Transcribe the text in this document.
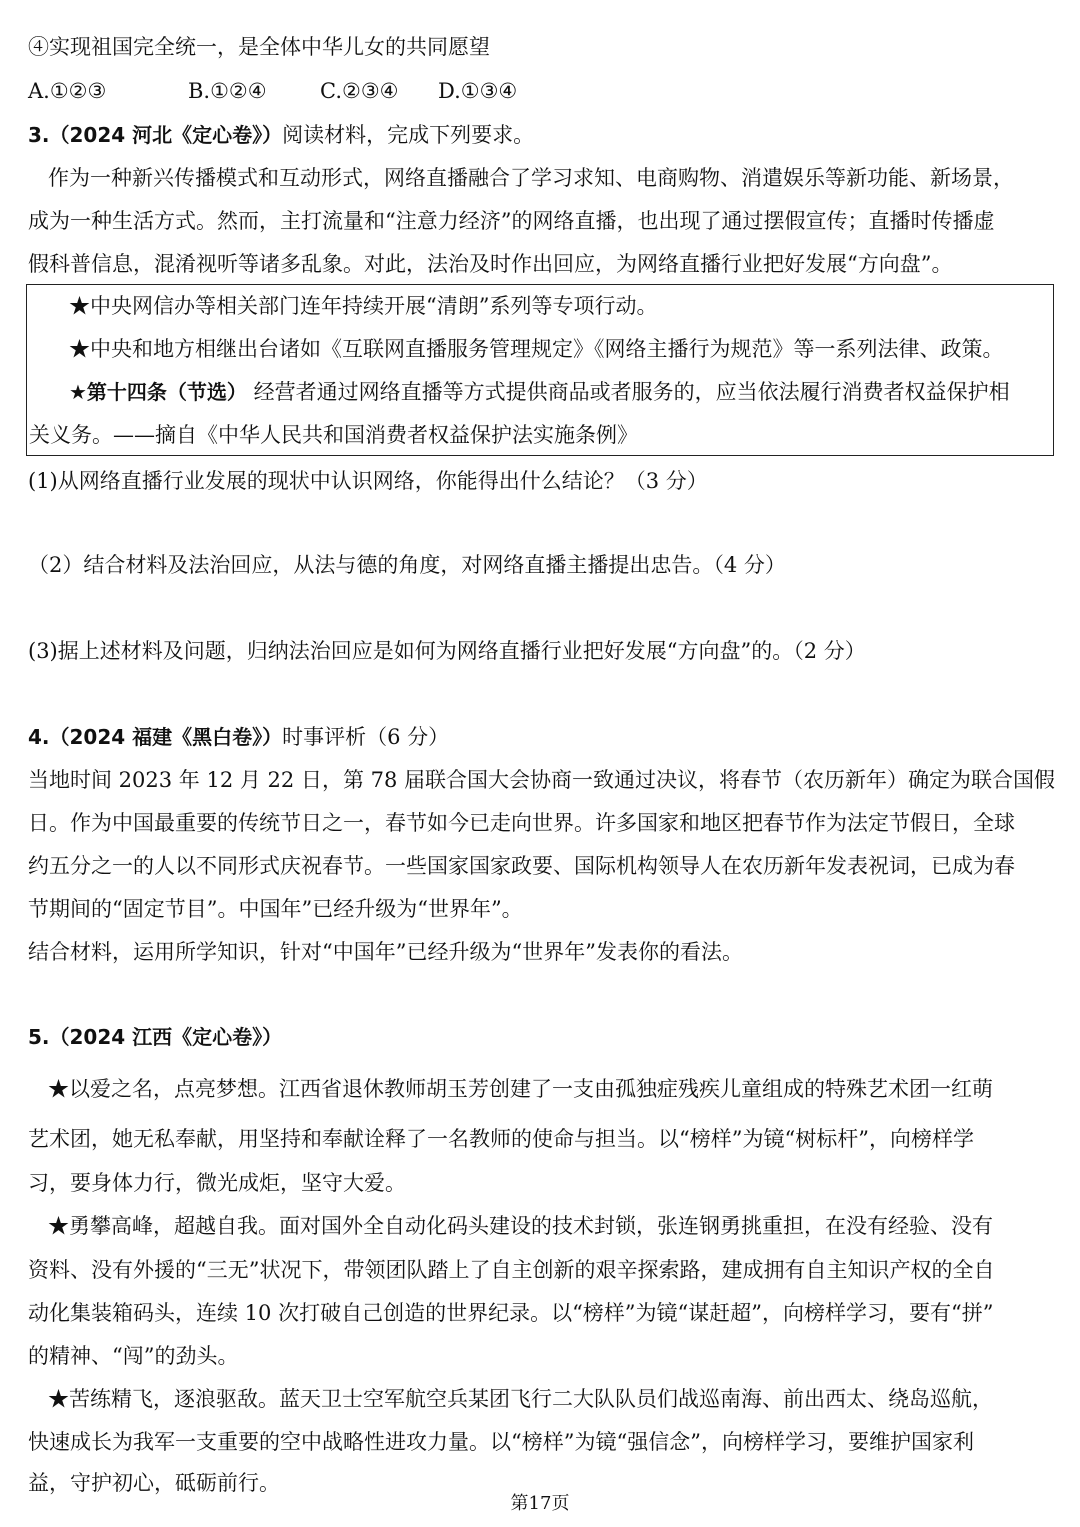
④实现祖国完全统一，是全体中华儿女的共同愿望
A.①②③	B.①②④	C.②③④ D.①③④
3.（2024 河北《定心卷》）阅读材料，完成下列要求。
作为一种新兴传播模式和互动形式，网络直播融合了学习求知、电商购物、消遣娱乐等新功能、新场景，
成为一种生活方式。然而，主打流量和“注意力经济”的网络直播，也出现了通过摆假宣传；直播时传播虚
假科普信息，混淆视听等诸多乱象。对此，法治及时作出回应，为网络直播行业把好发展“方向盘”。
★中央网信办等相关部门连年持续开展“清朗”系列等专项行动。
★中央和地方相继出台诸如《互联网直播服务管理规定》《网络主播行为规范》等一系列法律、政策。
★第十四条（节选） 经营者通过网络直播等方式提供商品或者服务的，应当依法履行消费者权益保护相
关义务。——摘自《中华人民共和国消费者权益保护法实施条例》
(1)从网络直播行业发展的现状中认识网络，你能得出什么结论？（3 分）
（2）结合材料及法治回应，从法与德的角度，对网络直播主播提出忠告。（4 分）
(3)据上述材料及问题，归纳法治回应是如何为网络直播行业把好发展“方向盘”的。（2 分）
4.（2024 福建《黑白卷》）时事评析（6 分）
当地时间 2023 年 12 月 22 日，第 78 届联合国大会协商一致通过决议，将春节（农历新年）确定为联合国假
日。作为中国最重要的传统节日之一，春节如今已走向世界。许多国家和地区把春节作为法定节假日，全球
约五分之一的人以不同形式庆祝春节。一些国家国家政要、国际机构领导人在农历新年发表祝词，已成为春
节期间的“固定节目”。中国年”已经升级为“世界年”。
结合材料，运用所学知识，针对“中国年”已经升级为“世界年”发表你的看法。
5.（2024 江西《定心卷》）
★以爱之名，点亮梦想。江西省退休教师胡玉芳创建了一支由孤独症残疾儿童组成的特殊艺术团一红萌
艺术团，她无私奉献，用坚持和奉献诠释了一名教师的使命与担当。以“榜样”为镜“树标杆”，向榜样学
习，要身体力行，微光成炬，坚守大爱。
★勇攀高峰，超越自我。面对国外全自动化码头建设的技术封锁，张连钢勇挑重担，在没有经验、没有
资料、没有外援的“三无”状况下，带领团队踏上了自主创新的艰辛探索路，建成拥有自主知识产权的全自
动化集装箱码头，连续 10 次打破自己创造的世界纪录。以“榜样”为镜“谋赶超”，向榜样学习，要有“拼”
的精神、“闯”的劲头。
★苦练精飞，逐浪驱敌。蓝天卫士空军航空兵某团飞行二大队队员们战巡南海、前出西太、绕岛巡航，
快速成长为我军一支重要的空中战略性进攻力量。以“榜样”为镜“强信念”，向榜样学习，要维护国家利
益，守护初心，砥砺前行。
第17页
